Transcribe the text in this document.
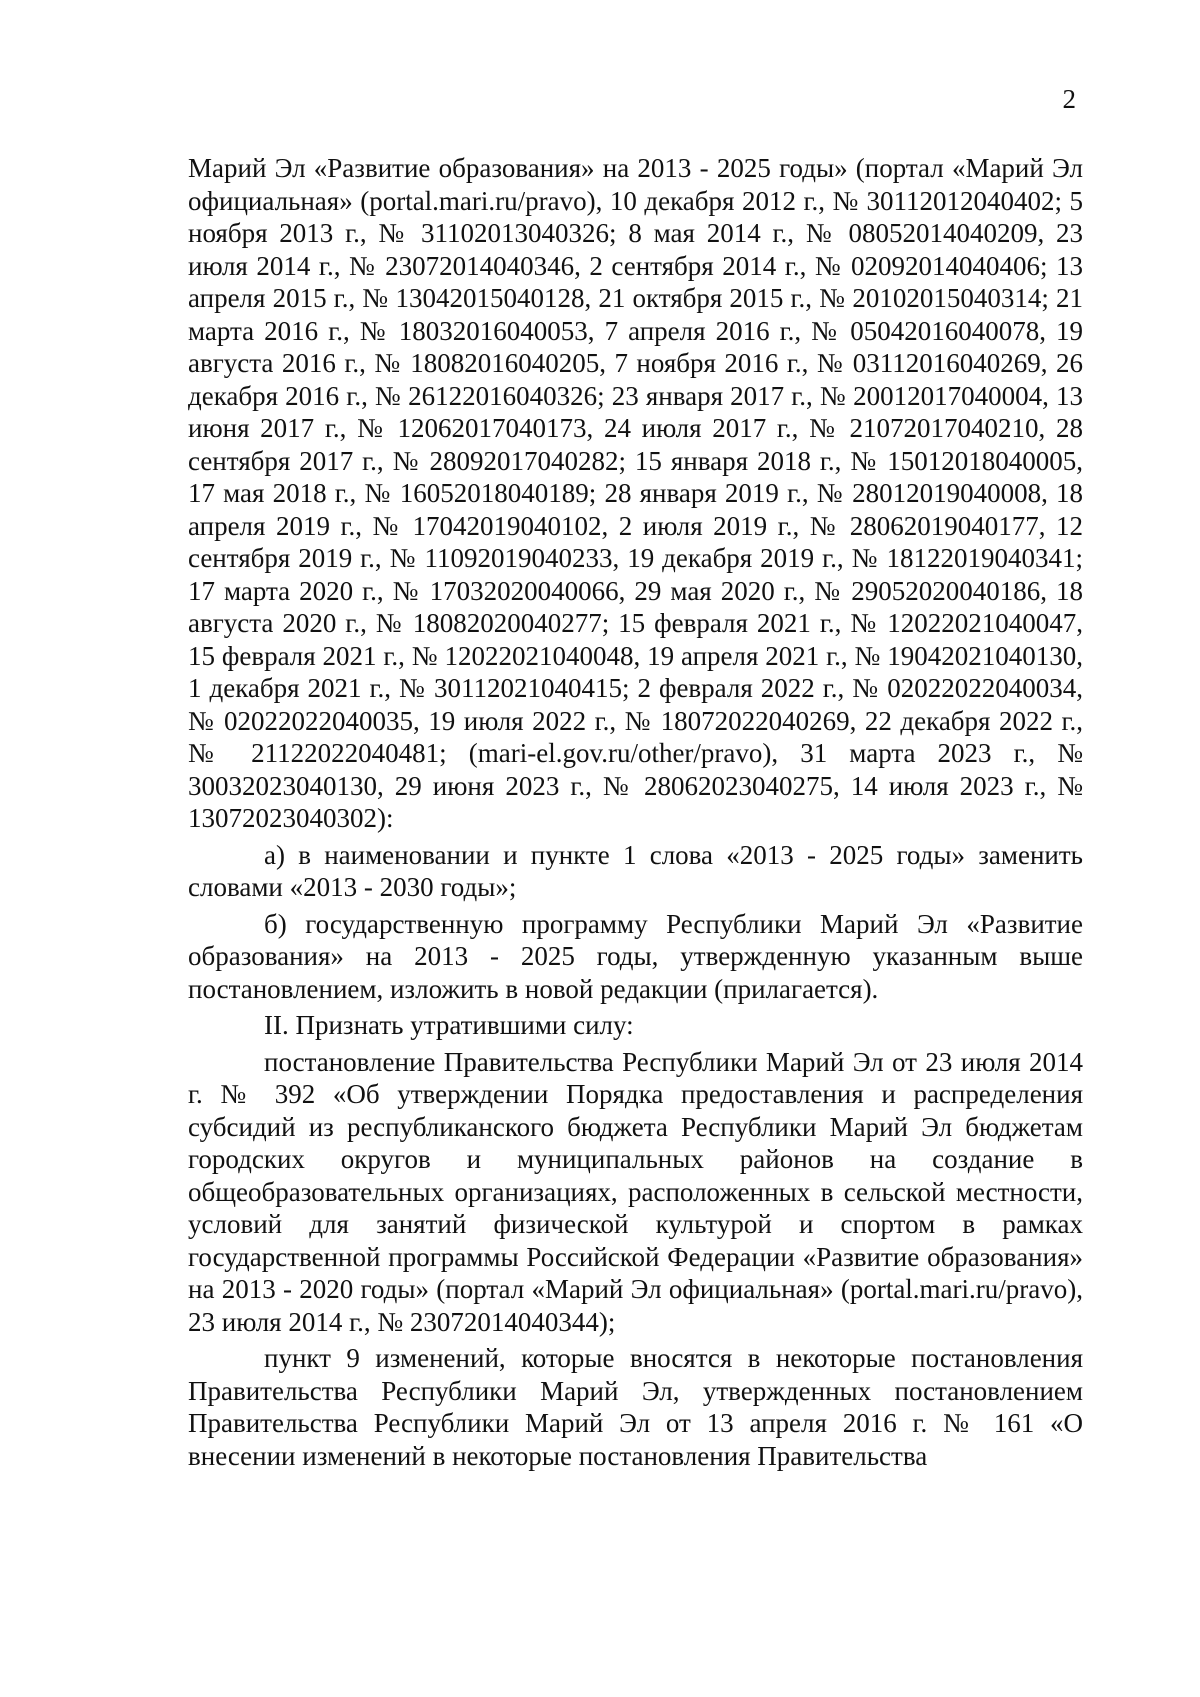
2

Марий Эл «Развитие образования» на 2013 - 2025 годы» (портал «Марий Эл официальная» (portal.mari.ru/pravo), 10 декабря 2012 г., № 30112012040402; 5 ноября 2013 г., № 31102013040326; 8 мая 2014 г., № 08052014040209, 23 июля 2014 г., № 23072014040346, 2 сентября 2014 г., № 02092014040406; 13 апреля 2015 г., № 13042015040128, 21 октября 2015 г., № 20102015040314; 21 марта 2016 г., № 18032016040053, 7 апреля 2016 г., № 05042016040078, 19 августа 2016 г., № 18082016040205, 7 ноября 2016 г., № 03112016040269, 26 декабря 2016 г., № 26122016040326; 23 января 2017 г., № 20012017040004, 13 июня 2017 г., № 12062017040173, 24 июля 2017 г., № 21072017040210, 28 сентября 2017 г., № 28092017040282; 15 января 2018 г., № 15012018040005, 17 мая 2018 г., № 16052018040189; 28 января 2019 г., № 28012019040008, 18 апреля 2019 г., № 17042019040102, 2 июля 2019 г., № 28062019040177, 12 сентября 2019 г., № 11092019040233, 19 декабря 2019 г., № 18122019040341; 17 марта 2020 г., № 17032020040066, 29 мая 2020 г., № 29052020040186, 18 августа 2020 г., № 18082020040277; 15 февраля 2021 г., № 12022021040047, 15 февраля 2021 г., № 12022021040048, 19 апреля 2021 г., № 19042021040130, 1 декабря 2021 г., № 30112021040415; 2 февраля 2022 г., № 02022022040034, № 02022022040035, 19 июля 2022 г., № 18072022040269, 22 декабря 2022 г., № 21122022040481; (mari-el.gov.ru/other/pravo), 31 марта 2023 г., № 30032023040130, 29 июня 2023 г., № 28062023040275, 14 июля 2023 г., № 13072023040302):

а) в наименовании и пункте 1 слова «2013 - 2025 годы» заменить словами «2013 - 2030 годы»;

б) государственную программу Республики Марий Эл «Развитие образования» на 2013 - 2025 годы, утвержденную указанным выше постановлением, изложить в новой редакции (прилагается).

II. Признать утратившими силу:

постановление Правительства Республики Марий Эл от 23 июля 2014 г. № 392 «Об утверждении Порядка предоставления и распределения субсидий из республиканского бюджета Республики Марий Эл бюджетам городских округов и муниципальных районов на создание в общеобразовательных организациях, расположенных в сельской местности, условий для занятий физической культурой и спортом в рамках государственной программы Российской Федерации «Развитие образования» на 2013 - 2020 годы» (портал «Марий Эл официальная» (portal.mari.ru/pravo), 23 июля 2014 г., № 23072014040344);

пункт 9 изменений, которые вносятся в некоторые постановления Правительства Республики Марий Эл, утвержденных постановлением Правительства Республики Марий Эл от 13 апреля 2016 г. № 161 «О внесении изменений в некоторые постановления Правительства
